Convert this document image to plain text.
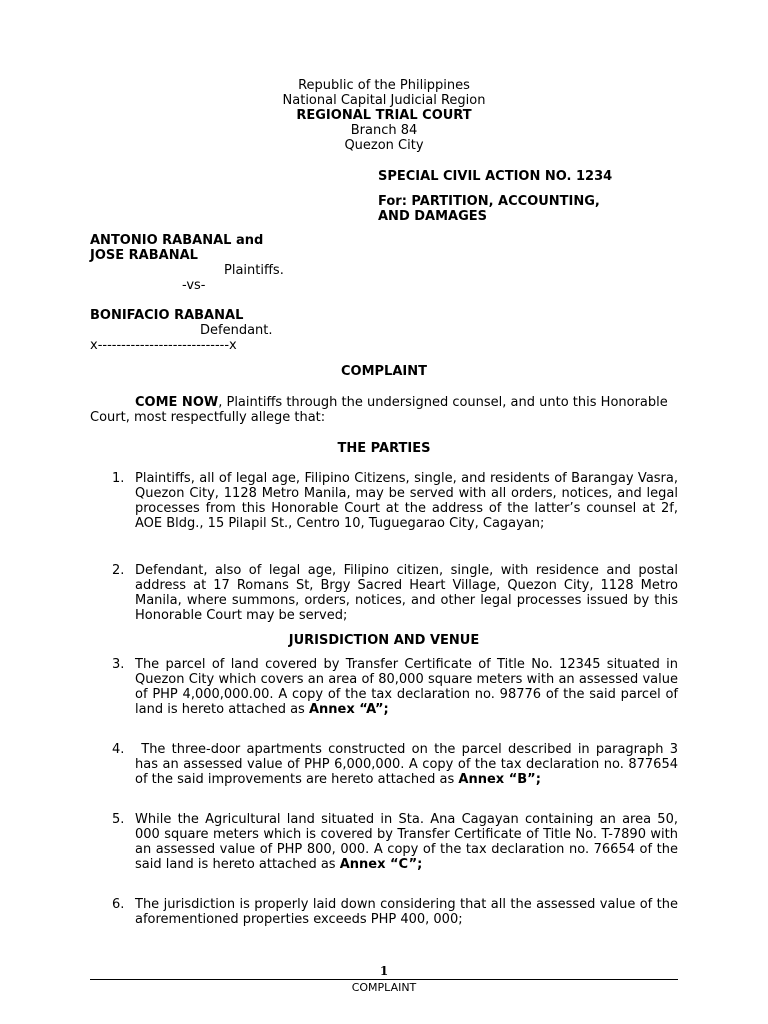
Republic of the Philippines
National Capital Judicial Region
REGIONAL TRIAL COURT
Branch 84
Quezon City
SPECIAL CIVIL ACTION NO. 1234
For: PARTITION, ACCOUNTING,
AND DAMAGES
ANTONIO RABANAL and
JOSE RABANAL
Plaintiffs.
-vs-
BONIFACIO RABANAL
Defendant.
x----------------------------x
COMPLAINT
COME NOW, Plaintiffs through the undersigned counsel, and unto this Honorable Court, most respectfully allege that:
THE PARTIES
1. Plaintiffs, all of legal age, Filipino Citizens, single, and residents of Barangay Vasra, Quezon City, 1128 Metro Manila, may be served with all orders, notices, and legal processes from this Honorable Court at the address of the latter’s counsel at 2f, AOE Bldg., 15 Pilapil St., Centro 10, Tuguegarao City, Cagayan;
2. Defendant, also of legal age, Filipino citizen, single, with residence and postal address at 17 Romans St, Brgy Sacred Heart Village, Quezon City, 1128 Metro Manila, where summons, orders, notices, and other legal processes issued by this Honorable Court may be served;
JURISDICTION AND VENUE
3. The parcel of land covered by Transfer Certificate of Title No. 12345 situated in Quezon City which covers an area of 80,000 square meters with an assessed value of PHP 4,000,000.00. A copy of the tax declaration no. 98776 of the said parcel of land is hereto attached as Annex “A”;
4. The three-door apartments constructed on the parcel described in paragraph 3 has an assessed value of PHP 6,000,000. A copy of the tax declaration no. 877654 of the said improvements are hereto attached as Annex “B”;
5. While the Agricultural land situated in Sta. Ana Cagayan containing an area 50, 000 square meters which is covered by Transfer Certificate of Title No. T-7890 with an assessed value of PHP 800, 000. A copy of the tax declaration no. 76654 of the said land is hereto attached as Annex “C”;
6. The jurisdiction is properly laid down considering that all the assessed value of the aforementioned properties exceeds PHP 400, 000;
1
COMPLAINT
